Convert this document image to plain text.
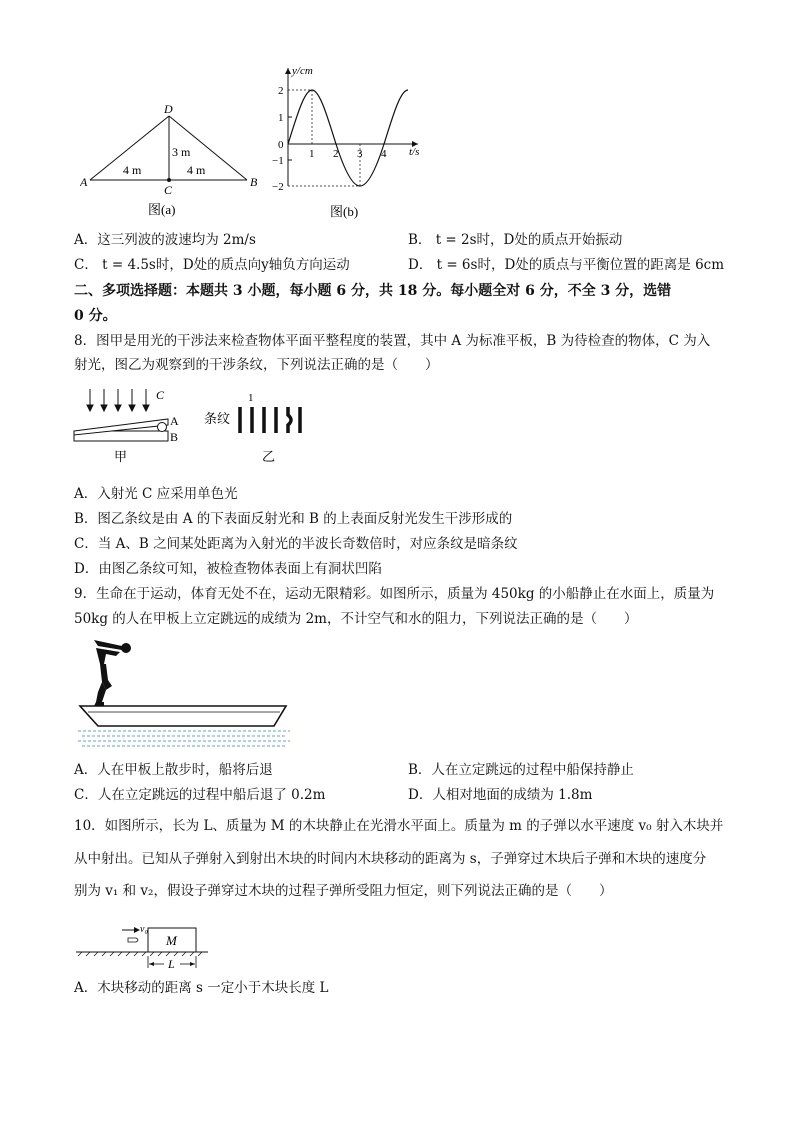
D
A	B
C
4 m	4 m
3 m
图(a)
y/cm
t/s
2
1
0
−1
−2
1 2 3 4
图(b)
A．这三列波的波速均为 2m/s	B． t = 2s时，D处的质点开始振动
C． t = 4.5s时，D处的质点向y轴负方向运动	D． t = 6s时，D处的质点与平衡位置的距离是 6cm
二、多项选择题：本题共 3 小题，每小题 6 分，共 18 分。每小题全对 6 分，不全 3 分，选错
0 分。
8．图甲是用光的干涉法来检查物体平面平整程度的装置，其中 A 为标准平板，B 为待检查的物体，C 为入
射光，图乙为观察到的干涉条纹，下列说法正确的是（　　）
C
A
B
甲
条纹
1
乙
A．入射光 C 应采用单色光
B．图乙条纹是由 A 的下表面反射光和 B 的上表面反射光发生干涉形成的
C．当 A、B 之间某处距离为入射光的半波长奇数倍时，对应条纹是暗条纹
D．由图乙条纹可知，被检查物体表面上有洞状凹陷
9．生命在于运动，体育无处不在，运动无限精彩。如图所示，质量为 450kg 的小船静止在水面上，质量为
50kg 的人在甲板上立定跳远的成绩为 2m，不计空气和水的阻力，下列说法正确的是（　　）
A．人在甲板上散步时，船将后退	B．人在立定跳远的过程中船保持静止
C．人在立定跳远的过程中船后退了 0.2m	D．人相对地面的成绩为 1.8m
10．如图所示，长为 L、质量为 M 的木块静止在光滑水平面上。质量为 m 的子弹以水平速度 v₀ 射入木块并
从中射出。已知从子弹射入到射出木块的时间内木块移动的距离为 s，子弹穿过木块后子弹和木块的速度分
别为 v₁ 和 v₂，假设子弹穿过木块的过程子弹所受阻力恒定，则下列说法正确的是（　　）
v₀
M
L
A．木块移动的距离 s 一定小于木块长度 L
